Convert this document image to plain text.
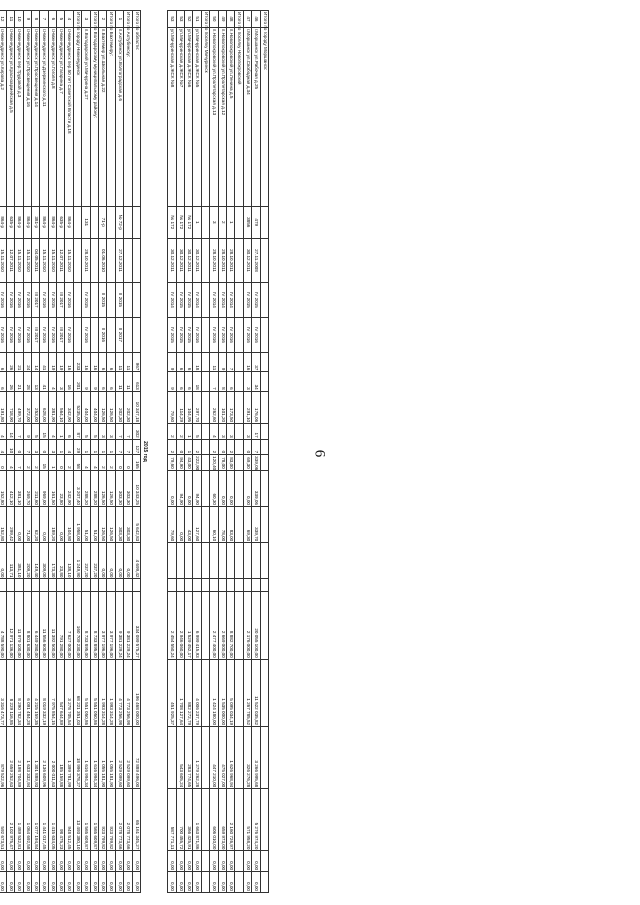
6
Итого по городу Моршанск:																					
46	г.Моршанск ул.Рабочая д.25	479	27.11.2008	IV 2015	IV 2016	37	34	176,06	17	7	339,06	339,06	339,70			20 055 100,00	11 522 035,82	3 266 995,68	5 276 974,20	0,00	0,00
47	г.Моршанск ул.Свободная д.34	3856	30.12.2011	IV 2015	IV 2016	16	3	291,10	3	0	69,30	0,00	69,30			2 176 000,00	1 267 785,52	326 276,28	571 958,20	0,00	0,00
Итого по поселку Новопокровский																					
48	п.Новопокровский ул.Ленина д.5	1	28.10.2011	IV 2014	IV 2016	7	6	173,50	3	2	83,00	0,00	83,00			8 882 700,00	5 095 034,19	1 626 968,94	2 160 726,97	0,00	0,00
49	п.Новопокровский ул.Пролетарская д.12	2	28.10.2011	IV 2014	IV 2016	9	8	101,20	3	0	78,00	0,00	78,00			2 669 000,00	1 535 000,00	475 027,00	659 973,00	0,00	0,00
50	п.Новопокровский ул.Пролетарская д.13	3	28.10.2011	IV 2014	IV 2016	11	7	262,60	4	2	120,40	60,30	60,10			2 477 400,00	1 424 180,00	447 210,00	606 010,00	0,00	0,00
Итого по поселку Мичуринск																					
51	ул.Мичуринская д.ЖСК №5	1	30.12.2011	IV 2014	IV 2016	18	18	297,70	5	2	222,90	94,90	127,60			6 999 415,93	4 006 237,79	1 279 262,28	1 663 871,86	0,00	0,00
52	ул.Мичуринская д.ЖСК №6	№ 172	30.12.2011	IV 2015	IV 2015	6	6	104,95	1	1	43,00	0,00	43,00			1 529 452,17	882 272,79	283 774,65	366 425,91	0,00	0,00
53	ул.Мичуринская д.ЖСК №7	№ 172	30.12.2011	IV 2015	IV 2015	6	6	114,29	2	0	94,90	94,90	0,00			2 946 060,00	1 708 127,64	543 605,24	700 455,72	0,00	0,00
53	ул.Мичуринская д.ЖСК №8	№ 172	30.12.2011	IV 2014	IV 2015	9	9	79,60	2	2	79,60	0,00	79,60			2 454 550,24	451 925,37		587 771,11	0,00	0,00
2015 год
Итого по области:						967	613	10 347,18	302	127	165	10 343,25	5 642,83	4 699,42		334 099 575,27	196 468 000,00	72 889 496,00	65 161 345,27	0,00	0,00
Итого по Ахтубинску:						11	11	202,30	7	7	0	303,30	303,30	0,00		9 381 229,24	4 773 256,98	2 529 099,60	2 078 773,66	0,00	0,00
1	п.Ахтубинск ул.Волгоградская д.6	№ 72-р	27.12.2011	II 2015	II 2017	11	11	202,30	7	7	0	303,30	303,30	0,00		9 381 229,24	4 773 256,98	2 529 099,60	2 078 773,66	0,00	0,00
Итого по Бахтемиру:						6	6	126,50	3	1	2	126,50	126,50	0,00		3 977 196,00	1 993 314,28	1 055 181,90	923 799,82	0,00	0,00
2	п.Бахтемир ул.Школьная д.22	71-р	01.06.2010	II 2015	II 2016	6	6	126,50	3	1	2	126,50	126,50	0,00		3 977 196,00	1 993 314,28	1 055 181,90	923 799,82	0,00	0,00
Итого по Володарскому муниципальному району:						16	9	404,00	5	1	4	288,20	51,00	237,20		8 733 895,00	5 551 050,86	1 616 994,34	1 565 609,87	0,00	0,00
3	п.Володарский ул.Мичурина д.27	131	28.10.2011	IV 2015	IV 2016	16	9	404,00	5	1	4	288,20	51,00	237,20		8 733 895,00	5 551 050,86	1 616 994,34	1 565 609,87	0,00	0,00
Итого по городу Нижнеудинск						233	201	5235,00	87	29	58	3 207,40	1 958,00	1 249,90		160 709 230,00	68 221 351,03	18 996 378,27	13 493 380,10	0,00	0,00
4	г.Нижнеудинск пер.50 лет Советской Власти д.18	864-р	15.11.2010	IV 2016	IV 2016	16	16	342,90	6	4	2	242,90	104,80	138,10		7 627 000,00	3 278 705,54	1 399 781,99	948 512,45	0,00	0,00
5	г.Нижнеудинск ул.Гагарина д.7	635-р	12.07.2011	III 2017	III 2017	19	3	564,10	1	1	0	23,80	0,00	23,80		791 280,00	547 644,89	185 159,88	98 475,23	0,00	0,00
6	г.Нижнеудинск ул.Гоголя д.8	864-р	15.11.2010	IV 2015	IV 2016	19	4	381,90	4	3	1	161,50	189,20	173,30		11 392 500,00	7 975 854,15	2 000 011,63	1 415 634,05	0,00	0,00
7	г.Нижнеудинск ул.Дзержинского д.11	864-р	15.11.2010	IV 2016	IV 2016	41	41	628,00	15	0	15	969,00	0,00	309,00		11 556 600,00	8 019 332,19	2 136 609,96	1 441 017,45	0,00	0,00
8	г.Нижнеудинск ул.Просвещения д.14	381-р	04.05.2011	III 2017	III 2017	14	13	253,00	5	3	2	211,60	62,20	149,40		6 449 280,00	4 215 159,35	1 301 889,93	1 077 194,84	0,00	0,00
9	г.Нижнеудинск ул.Просвещения д.16	864-р	15.11.2010	IV 2016	IV 2016	24	28	372,00	9	7	2	269,70	71,00	209,20		8 801 630,00	6 091 484,28	1 633 332,94	1 064 692,58	0,00	0,00
10	г.Нижнеудинск пер.Трудовой д.3	864-р	15.11.2010	IV 2016	IV 2016	21	21	499,70	7	0	7	381,10	0,00	381,10		11 979 100,00	8 290 782,34	2 198 704,89	1 489 532,81	0,00	0,00
11	г.Нижнеудинск ул.Красноармейская д.5	635-р	12.07.2011	IV 2016	IV 2016	26	26	718,90	14	10	4	412,10	299,42	113,71		12 971 136,00	8 229 116,85	2 659 252,63	2 102 975,47	0,00	0,00
12	г.Нижнеудинск ул.Кирова д.2	864-р	15.11.2010	IV 2016	IV 2016	6	6	191,80	4	4	0	152,80	152,80	0,00		4 788 590,00	3 316 473,77	879 522,96	592 673,51	0,00	0,00
